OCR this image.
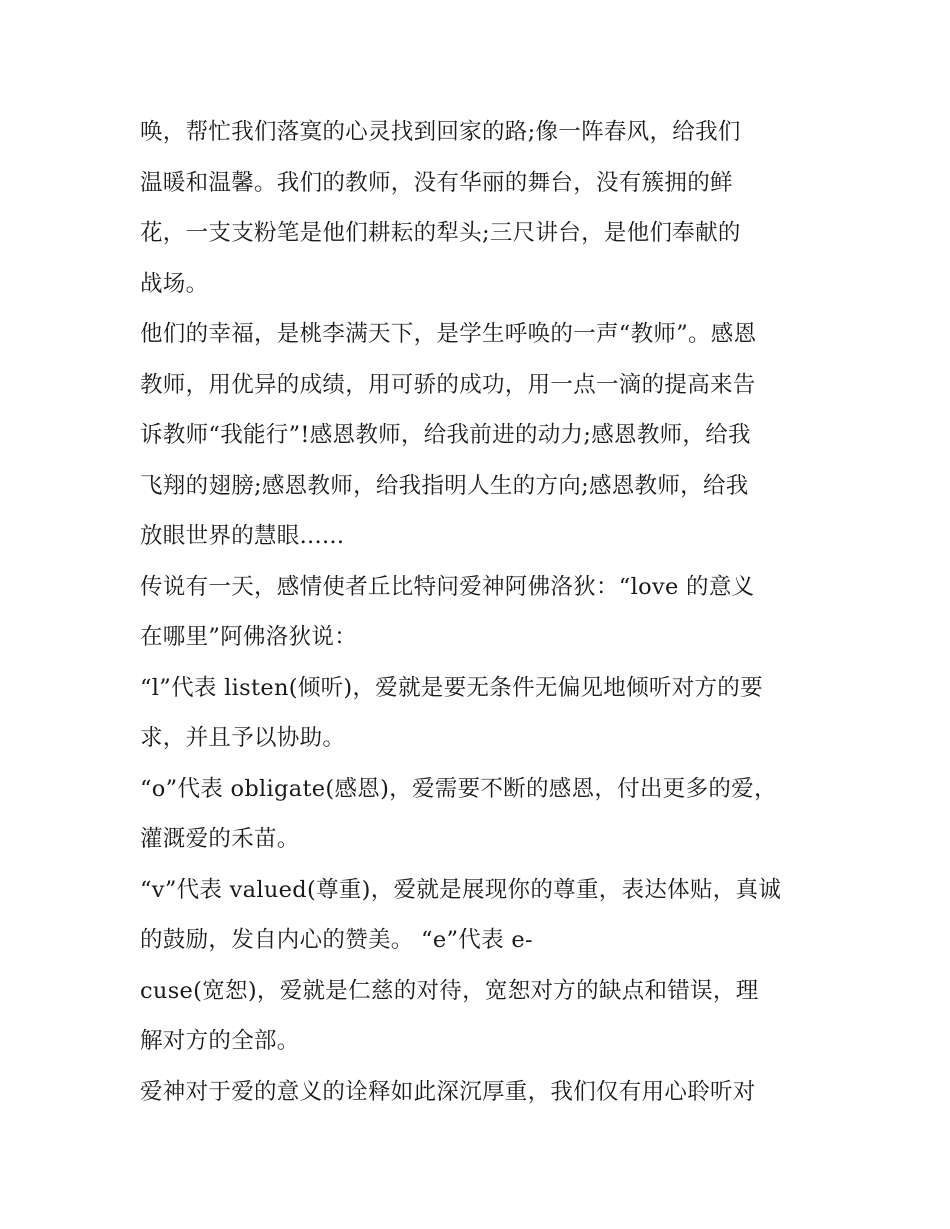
唤，帮忙我们落寞的心灵找到回家的路;像一阵春风，给我们
温暖和温馨。我们的教师，没有华丽的舞台，没有簇拥的鲜
花，一支支粉笔是他们耕耘的犁头;三尺讲台，是他们奉献的
战场。
他们的幸福，是桃李满天下，是学生呼唤的一声“教师”。感恩
教师，用优异的成绩，用可骄的成功，用一点一滴的提高来告
诉教师“我能行”!感恩教师，给我前进的动力;感恩教师，给我
飞翔的翅膀;感恩教师，给我指明人生的方向;感恩教师，给我
放眼世界的慧眼......
传说有一天，感情使者丘比特问爱神阿佛洛狄：“love 的意义
在哪里”阿佛洛狄说：
“l”代表 listen(倾听)，爱就是要无条件无偏见地倾听对方的要
求，并且予以协助。
“o”代表 obligate(感恩)，爱需要不断的感恩，付出更多的爱，
灌溉爱的禾苗。
“v”代表 valued(尊重)，爱就是展现你的尊重，表达体贴，真诚
的鼓励，发自内心的赞美。 “e”代表 e-
cuse(宽恕)，爱就是仁慈的对待，宽恕对方的缺点和错误，理
解对方的全部。
爱神对于爱的意义的诠释如此深沉厚重，我们仅有用心聆听对
